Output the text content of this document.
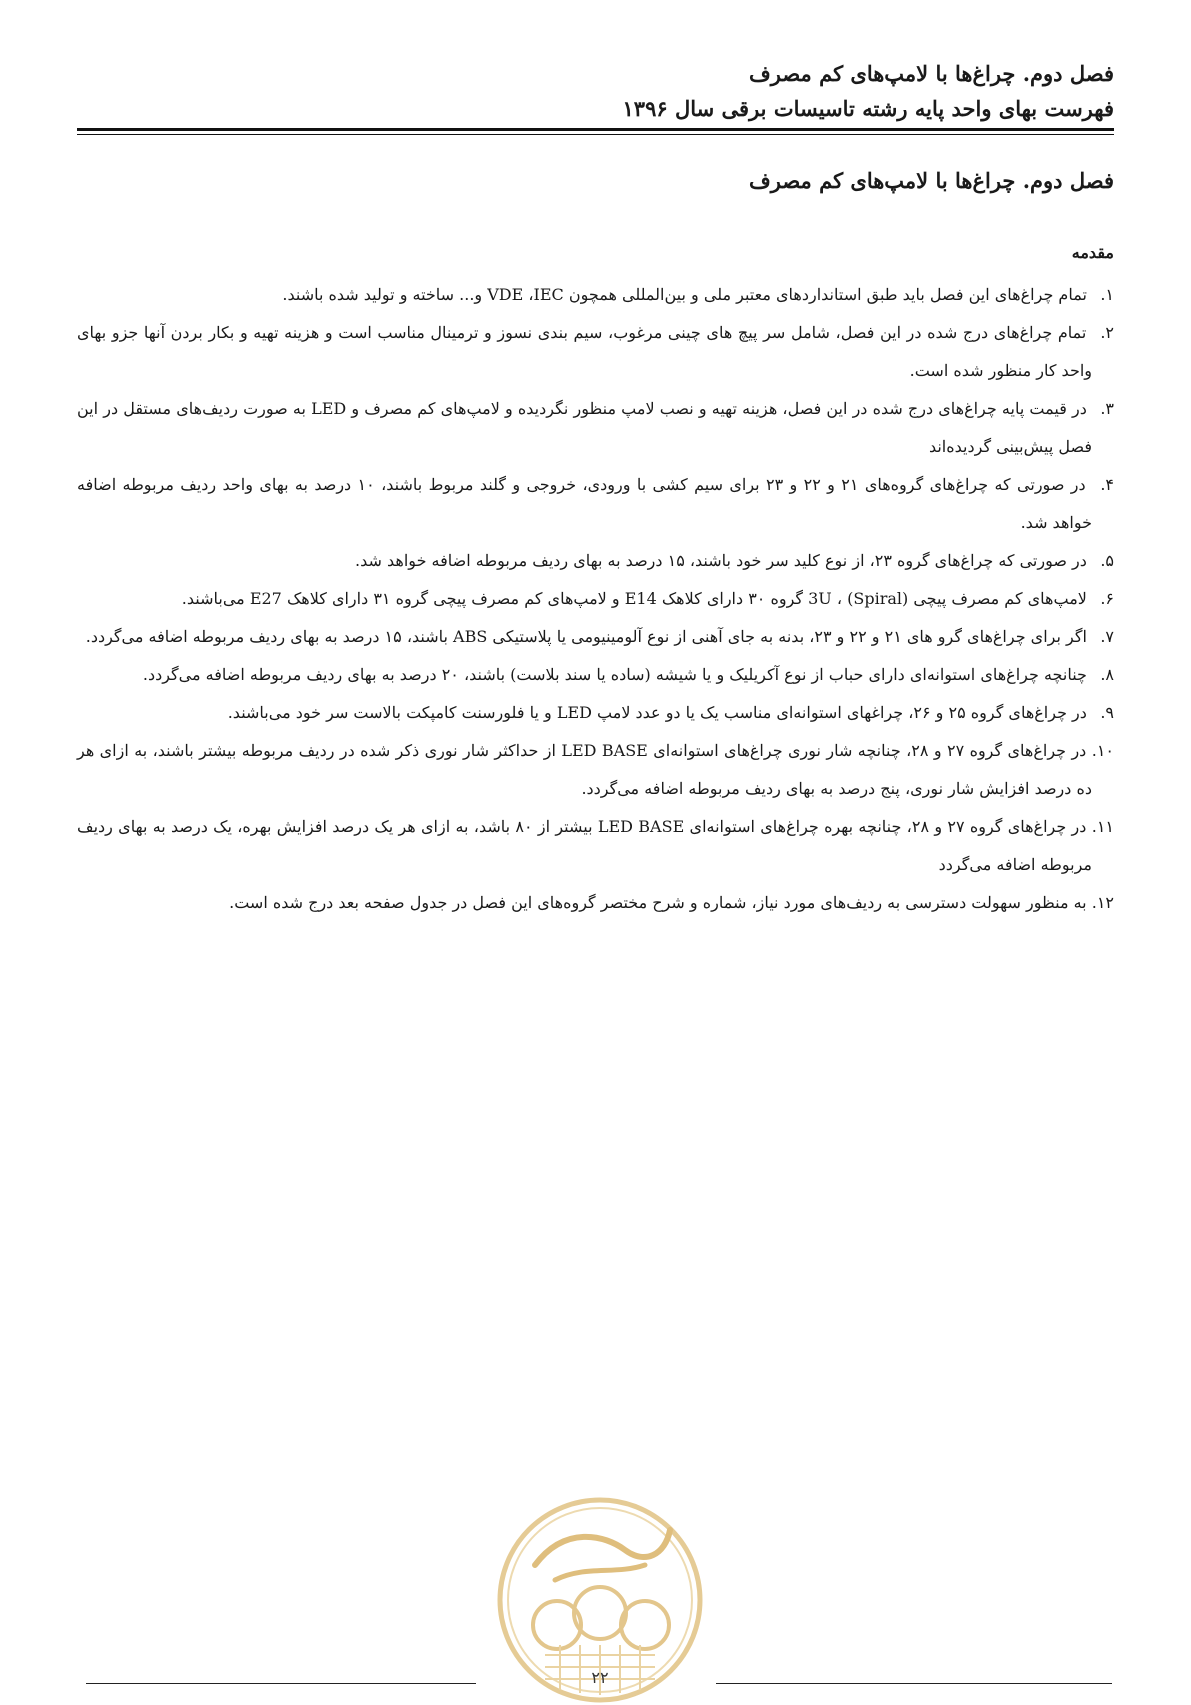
فصل دوم. چراغ‌ها با لامپ‌های کم مصرف
فهرست بهای واحد پایه رشته تاسیسات برقی سال ۱۳۹۶
فصل دوم. چراغ‌ها با لامپ‌های کم مصرف
مقدمه
۱. تمام چراغ‌های این فصل باید طبق استانداردهای معتبر ملی و بین‌المللی همچون VDE ،IEC و... ساخته و تولید شده باشند.
۲. تمام چراغ‌های درج شده در این فصل، شامل سر پیچ های چینی مرغوب، سیم بندی نسوز و ترمینال مناسب است و هزینه تهیه و بکار بردن آنها جزو بهای واحد کار منظور شده است.
۳. در قیمت پایه چراغ‌های درج شده در این فصل، هزینه تهیه و نصب لامپ منظور نگردیده و لامپ‌های کم مصرف و LED به صورت ردیف‌های مستقل در این فصل پیش‌بینی گردیده‌اند
۴. در صورتی که چراغ‌های گروه‌های ۲۱ و ۲۲ و ۲۳ برای سیم کشی با ورودی، خروجی و گلند مربوط باشند، ۱۰ درصد به بهای واحد ردیف مربوطه اضافه خواهد شد.
۵. در صورتی که چراغ‌های گروه ۲۳، از نوع کلید سر خود باشند، ۱۵ درصد به بهای ردیف مربوطه اضافه خواهد شد.
۶. لامپ‌های کم مصرف پیچی (Spiral) ، 3U گروه ۳۰ دارای کلاهک E14 و لامپ‌های کم مصرف پیچی گروه ۳۱ دارای کلاهک E27 می‌باشند.
۷. اگر برای چراغ‌های گرو های ۲۱ و ۲۲ و ۲۳، بدنه به جای آهنی از نوع آلومینیومی یا پلاستیکی ABS باشند، ۱۵ درصد به بهای ردیف مربوطه اضافه می‌گردد.
۸. چنانچه چراغ‌های استوانه‌ای دارای حباب از نوع آکریلیک و یا شیشه (ساده یا سند بلاست) باشند، ۲۰ درصد به بهای ردیف مربوطه اضافه می‌گردد.
۹. در چراغ‌های گروه ۲۵ و ۲۶، چراغهای استوانه‌ای مناسب یک یا دو عدد لامپ LED و یا فلورسنت کامپکت بالاست سر خود می‌باشند.
۱۰. در چراغ‌های گروه ۲۷ و ۲۸، چنانچه شار نوری چراغ‌های استوانه‌ای LED BASE از حداکثر شار نوری ذکر شده در ردیف مربوطه بیشتر باشند، به ازای هر ده درصد افزایش شار نوری، پنج درصد به بهای ردیف مربوطه اضافه می‌گردد.
۱۱. در چراغ‌های گروه ۲۷ و ۲۸، چنانچه بهره چراغ‌های استوانه‌ای LED BASE بیشتر از ۸۰ باشد، به ازای هر یک درصد افزایش بهره، یک درصد به بهای ردیف مربوطه اضافه می‌گردد
۱۲. به منظور سهولت دسترسی به ردیف‌های مورد نیاز، شماره و شرح مختصر گروه‌های این فصل در جدول صفحه بعد درج شده است.
۲۲
